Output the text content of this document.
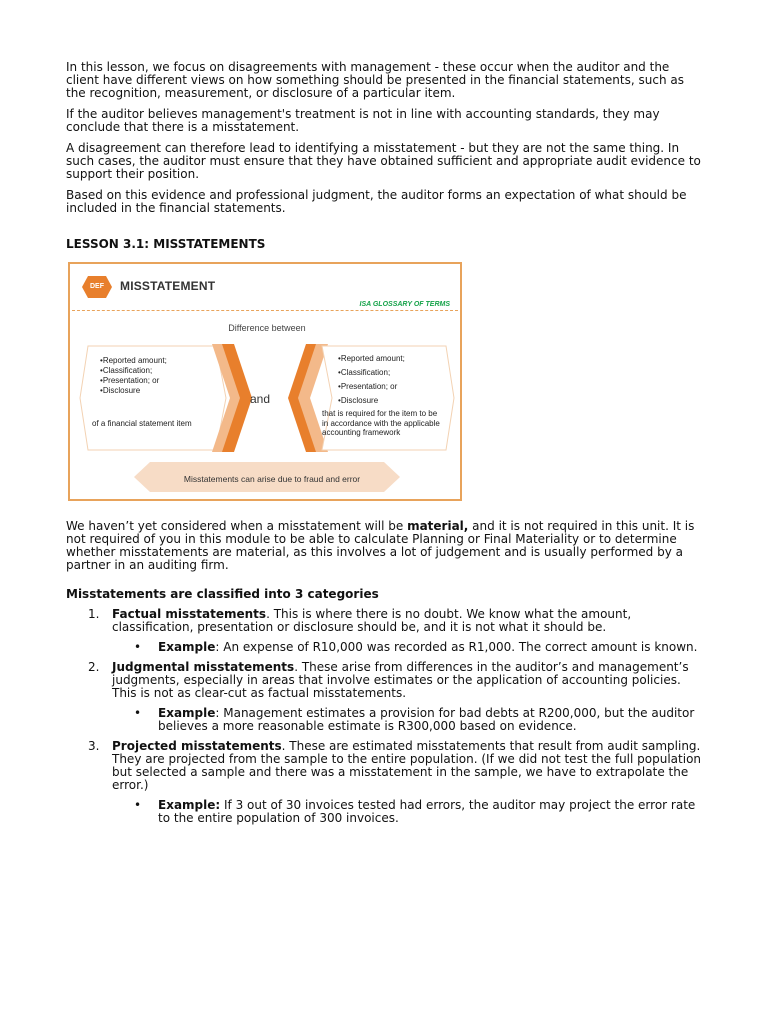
In this lesson, we focus on disagreements with management - these occur when the auditor and the client have different views on how something should be presented in the financial statements, such as the recognition, measurement, or disclosure of a particular item.

If the auditor believes management's treatment is not in line with accounting standards, they may conclude that there is a misstatement.

A disagreement can therefore lead to identifying a misstatement - but they are not the same thing. In such cases, the auditor must ensure that they have obtained sufficient and appropriate audit evidence to support their position.

Based on this evidence and professional judgment, the auditor forms an expectation of what should be included in the financial statements.

LESSON 3.1: MISSTATEMENTS
DEF	MISSTATEMENT
ISA GLOSSARY OF TERMS
Difference between
• Reported amount;
• Classification;
• Presentation; or
• Disclosure
of a financial statement item
and
• Reported amount;
• Classification;
• Presentation; or
• Disclosure
that is required for the item to be in accordance with the applicable accounting framework
Misstatements can arise due to fraud and error

We haven’t yet considered when a misstatement will be material, and it is not required in this unit. It is not required of you in this module to be able to calculate Planning or Final Materiality or to determine whether misstatements are material, as this involves a lot of judgement and is usually performed by a partner in an auditing firm.

Misstatements are classified into 3 categories
1. Factual misstatements. This is where there is no doubt. We know what the amount, classification, presentation or disclosure should be, and it is not what it should be.
• Example: An expense of R10,000 was recorded as R1,000. The correct amount is known.
2. Judgmental misstatements. These arise from differences in the auditor’s and management’s judgments, especially in areas that involve estimates or the application of accounting policies. This is not as clear-cut as factual misstatements.
• Example: Management estimates a provision for bad debts at R200,000, but the auditor believes a more reasonable estimate is R300,000 based on evidence.
3. Projected misstatements. These are estimated misstatements that result from audit sampling. They are projected from the sample to the entire population. (If we did not test the full population but selected a sample and there was a misstatement in the sample, we have to extrapolate the error.)
• Example: If 3 out of 30 invoices tested had errors, the auditor may project the error rate to the entire population of 300 invoices.
